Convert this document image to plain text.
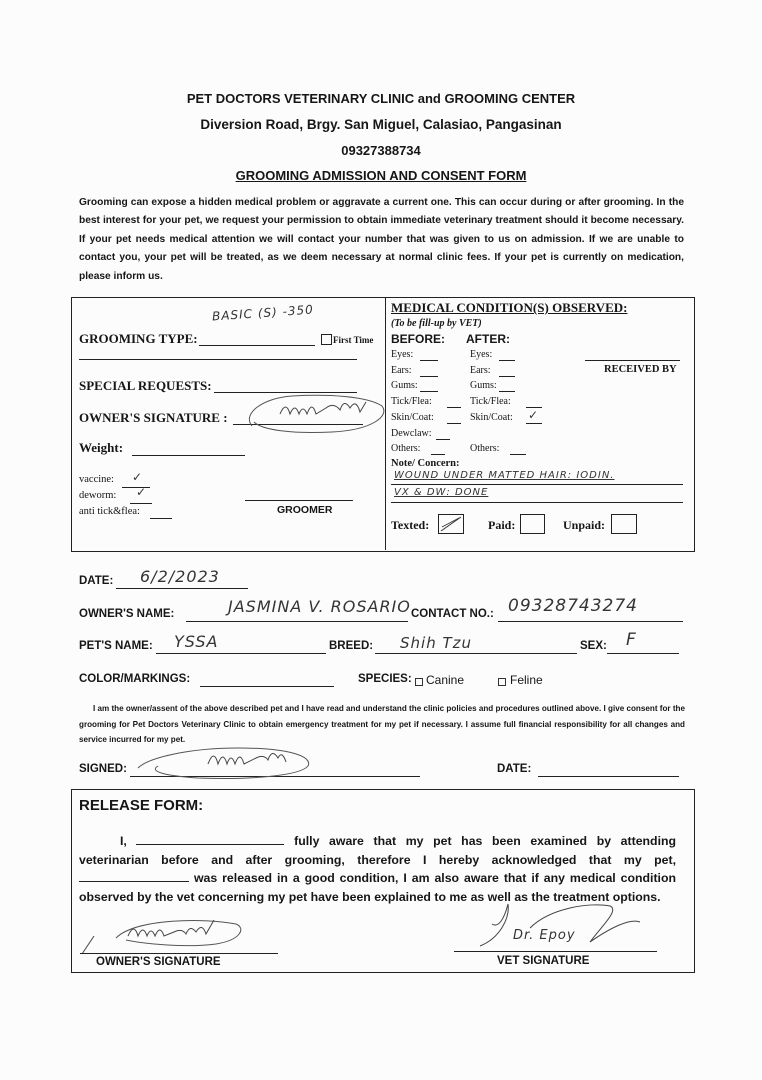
PET DOCTORS VETERINARY CLINIC and GROOMING CENTER
Diversion Road, Brgy. San Miguel, Calasiao, Pangasinan
09327388734
GROOMING ADMISSION AND CONSENT FORM
Grooming can expose a hidden medical problem or aggravate a current one. This can occur during or after grooming. In the best interest for your pet, we request your permission to obtain immediate veterinary treatment should it become necessary. If your pet needs medical attention we will contact your number that was given to us on admission. If we are unable to contact you, your pet will be treated, as we deem necessary at normal clinic fees. If your pet is currently on medication, please inform us.
GROOMING TYPE:
BASIC (S) -350
First Time
SPECIAL REQUESTS:
OWNER'S SIGNATURE :
Weight:
vaccine: ✓
deworm: ✓
anti tick&flea:	GROOMER
MEDICAL CONDITION(S) OBSERVED:
(To be fill-up by VET)
BEFORE: AFTER:
Eyes:	Eyes:
Ears:	Ears:
Gums:	Gums:
Tick/Flea:	Tick/Flea:
Skin/Coat:	Skin/Coat: ✓
Dewclaw:
Others:	Others:
RECEIVED BY
Note/ Concern:
WOUND UNDER MATTED HAIR: IODIN.
VX & DW: DONE
Texted:	Paid:	Unpaid:
DATE: 6/2/2023
OWNER'S NAME:	JASMINA V. ROSARIO CONTACT NO.: 09328743274
PET'S NAME: YSSA	BREED: Shih Tzu	SEX: F
COLOR/MARKINGS:	SPECIES: Canine	Feline
I am the owner/assent of the above described pet and I have read and understand the clinic policies and procedures outlined above. I give consent for the grooming for Pet Doctors Veterinary Clinic to obtain emergency treatment for my pet if necessary. I assume full financial responsibility for all changes and service incurred for my pet.
SIGNED:	DATE:
RELEASE FORM:
I,	fully aware that my pet has been examined by attending veterinarian before and after grooming, therefore I hereby acknowledged that my pet,  was released in a good condition, I am also aware that if any medical condition observed by the vet concerning my pet have been explained to me as well as the treatment options.
OWNER'S SIGNATURE
Dr. Epoy
VET SIGNATURE
